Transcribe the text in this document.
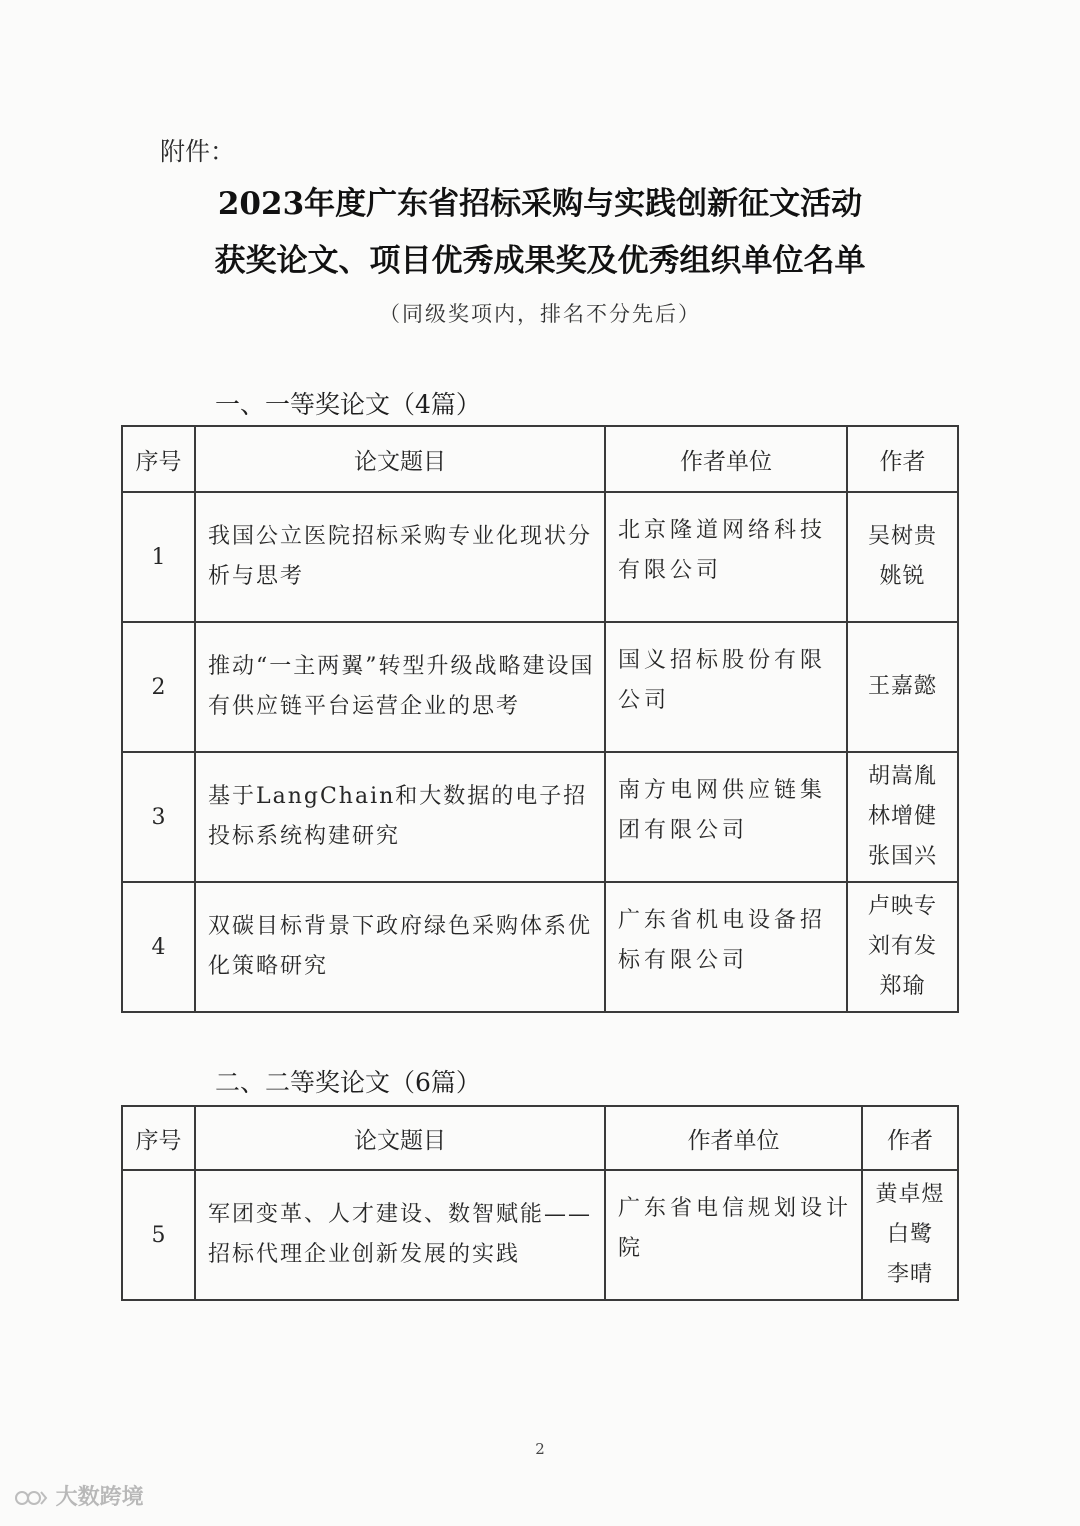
附件：
2023年度广东省招标采购与实践创新征文活动
获奖论文、项目优秀成果奖及优秀组织单位名单
（同级奖项内，排名不分先后）
一、一等奖论文（4篇）
序号	论文题目	作者单位	作者
1	我国公立医院招标采购专业化现状分析与思考	北京隆道网络科技有限公司	吴树贵
姚锐
2	推动“一主两翼”转型升级战略建设国有供应链平台运营企业的思考	国义招标股份有限公司	王嘉懿
3	基于LangChain和大数据的电子招投标系统构建研究	南方电网供应链集团有限公司	胡嵩胤
林增健
张国兴
4	双碳目标背景下政府绿色采购体系优化策略研究	广东省机电设备招标有限公司	卢映专
刘有发
郑瑜
二、二等奖论文（6篇）
序号	论文题目	作者单位	作者
5	军团变革、人才建设、数智赋能——招标代理企业创新发展的实践	广东省电信规划设计院	黄卓煜
白鹭
李晴
2
大数跨境
